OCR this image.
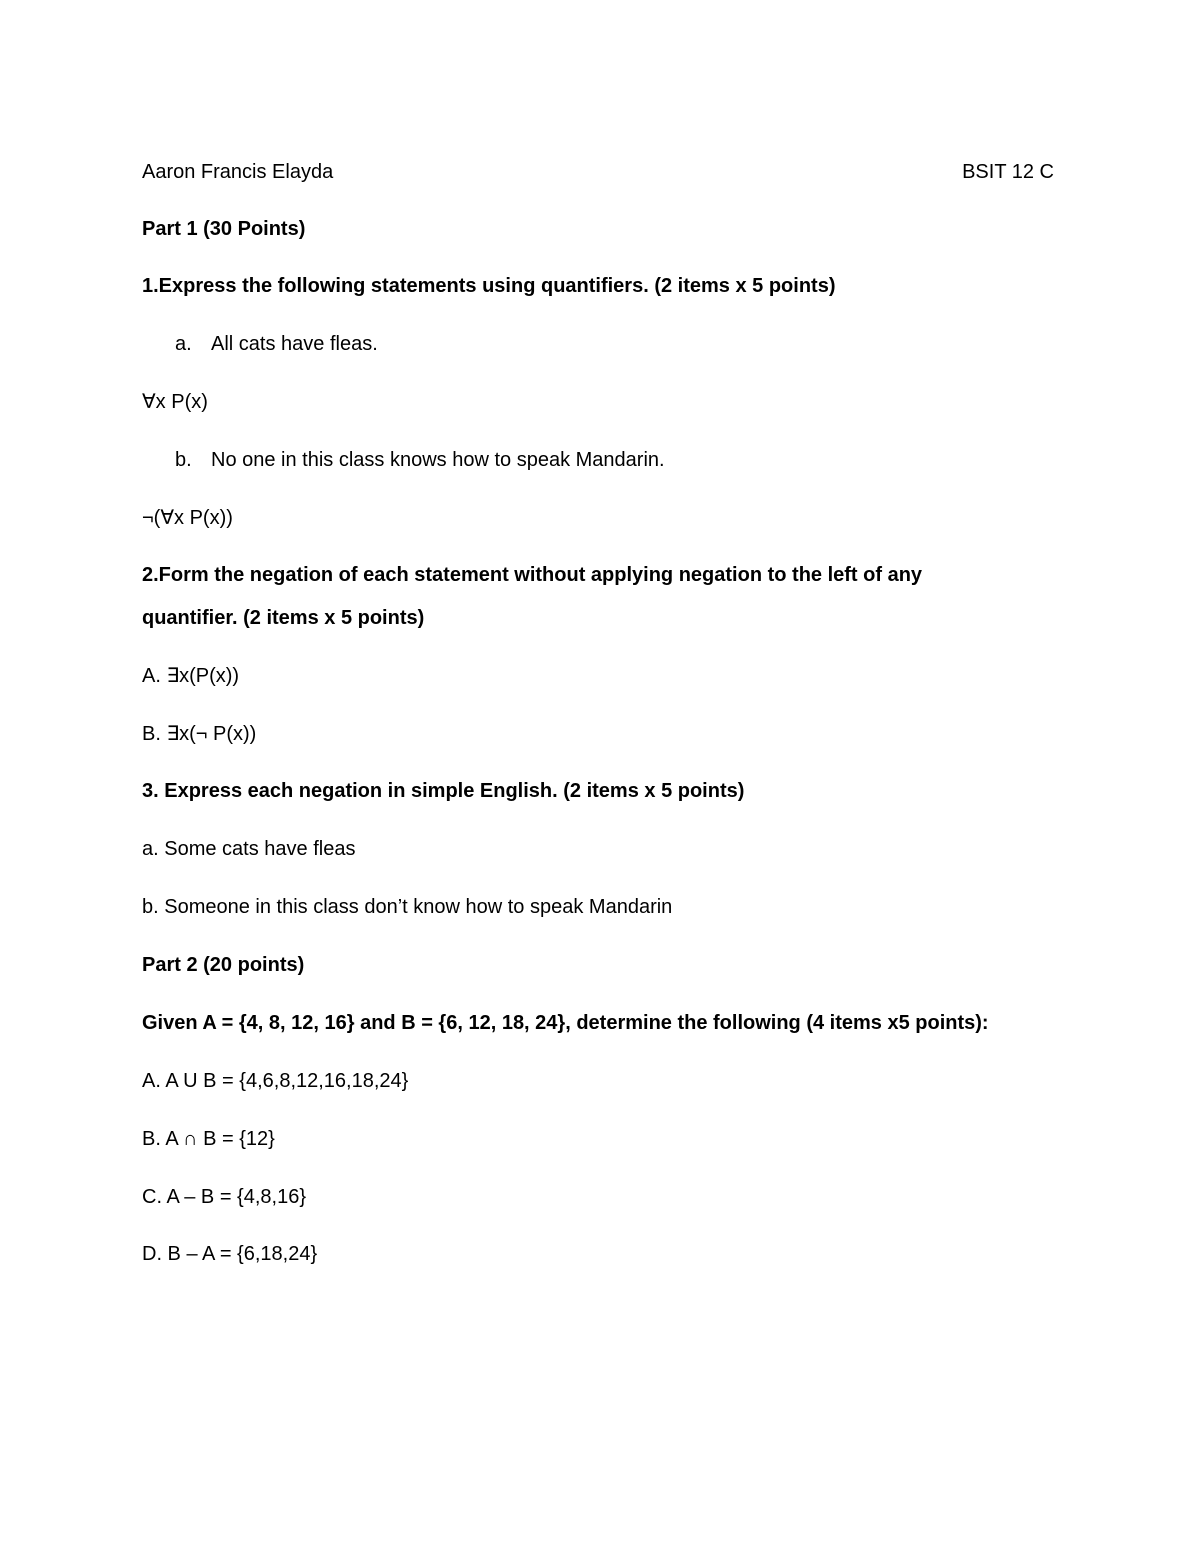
Aaron Francis Elayda	BSIT 12 C
Part 1 (30 Points)
1.Express the following statements using quantifiers. (2 items x 5 points)
a. All cats have fleas.
∀x P(x)
b. No one in this class knows how to speak Mandarin.
¬(∀x P(x))
2.Form the negation of each statement without applying negation to the left of any
quantifier. (2 items x 5 points)
A. ∃x(P(x))
B. ∃x(¬ P(x))
3. Express each negation in simple English. (2 items x 5 points)
a. Some cats have fleas
b. Someone in this class don’t know how to speak Mandarin
Part 2 (20 points)
Given A = {4, 8, 12, 16} and B = {6, 12, 18, 24}, determine the following (4 items x5 points):
A. A U B = {4,6,8,12,16,18,24}
B. A ∩ B = {12}
C. A – B = {4,8,16}
D. B – A = {6,18,24}
